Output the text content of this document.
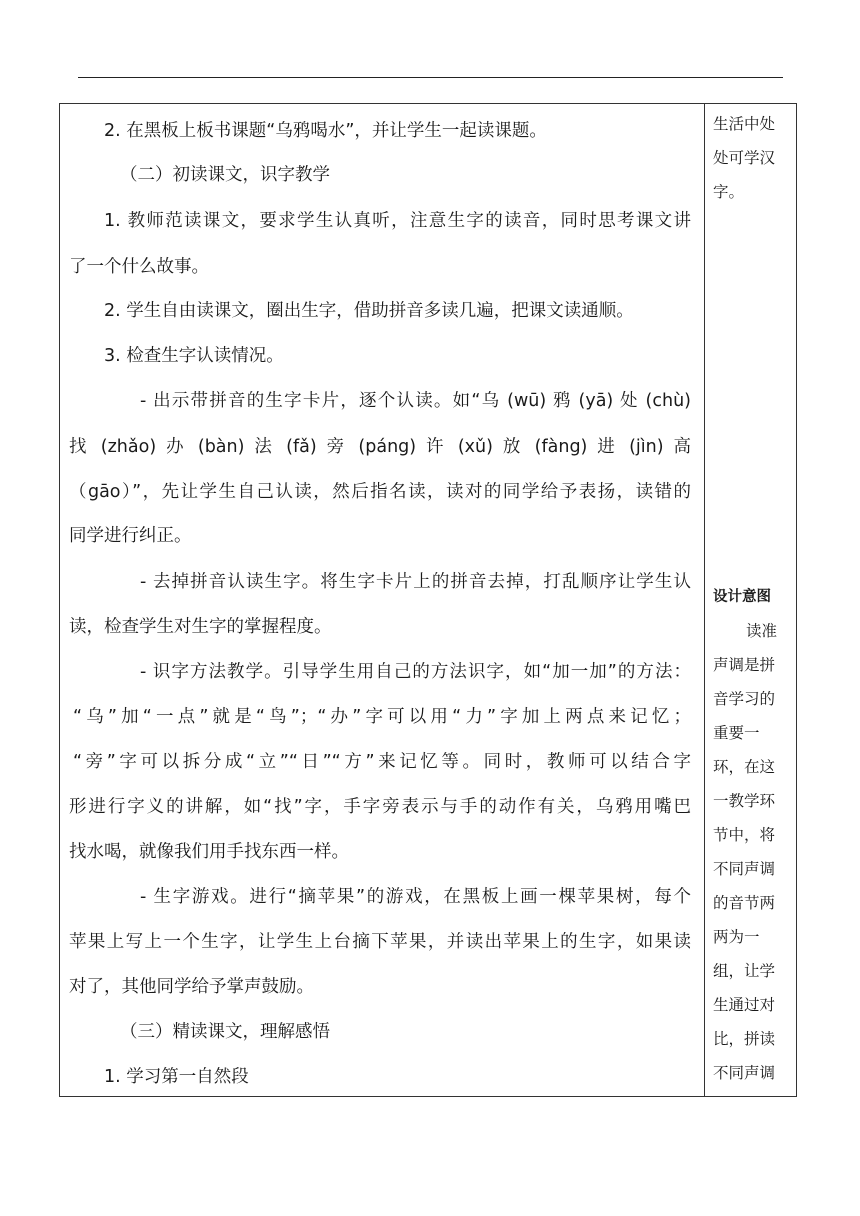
2. 在黑板上板书课题“乌鸦喝水”，并让学生一起读课题。
（二）初读课文，识字教学
1. 教师范读课文，要求学生认真听，注意生字的读音，同时思考课文讲
了一个什么故事。
2. 学生自由读课文，圈出生字，借助拼音多读几遍，把课文读通顺。
3. 检查生字认读情况。
- 出示带拼音的生字卡片，逐个认读。如“乌 (wū) 鸦 (yā) 处 (chù)
找 (zhǎo) 办 (bàn) 法 (fǎ) 旁 (páng) 许 (xǔ) 放 (fàng) 进 (jìn) 高
（gāo）”，先让学生自己认读，然后指名读，读对的同学给予表扬，读错的
同学进行纠正。
- 去掉拼音认读生字。将生字卡片上的拼音去掉，打乱顺序让学生认
读，检查学生对生字的掌握程度。
- 识字方法教学。引导学生用自己的方法识字，如“加一加”的方法：
“乌”加“一点”就是“鸟”；“办”字可以用“力”字加上两点来记忆；
“旁”字可以拆分成“立”“日”“方”来记忆等。同时，教师可以结合字
形进行字义的讲解，如“找”字，手字旁表示与手的动作有关，乌鸦用嘴巴
找水喝，就像我们用手找东西一样。
- 生字游戏。进行“摘苹果”的游戏，在黑板上画一棵苹果树，每个
苹果上写上一个生字，让学生上台摘下苹果，并读出苹果上的生字，如果读
对了，其他同学给予掌声鼓励。
（三）精读课文，理解感悟
1. 学习第一自然段
生活中处
处可学汉
字。
设计意图
读准
声调是拼
音学习的
重要一
环，在这
一教学环
节中，将
不同声调
的音节两
两为一
组，让学
生通过对
比，拼读
不同声调
